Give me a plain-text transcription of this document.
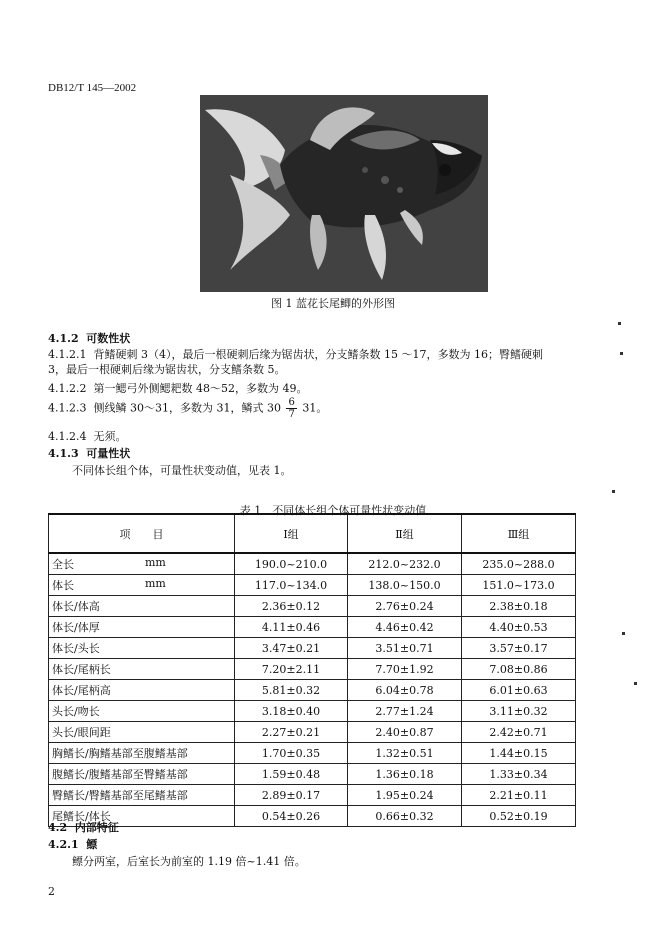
DB12/T 145—2002
图 1 蓝花长尾鲫的外形图
4.1.2 可数性状
4.1.2.1 背鳍硬刺 3（4），最后一根硬刺后缘为锯齿状，分支鳍条数 15 ～17，多数为 16；臀鳍硬刺
3，最后一根硬刺后缘为锯齿状，分支鳍条数 5。
4.1.2.2 第一鳃弓外侧鳃耙数 48～52，多数为 49。
4.1.2.3 侧线鳞 30～31，多数为 31，鳞式 $30 \frac{6}{7} 31$。
4.1.2.4 无须。
4.1.3 可量性状
不同体长组个体，可量性状变动值，见表 1。
表 1　不同体长组个体可量性状变动值
项　　目	Ⅰ组	Ⅱ组	Ⅲ组
全长 mm	190.0~210.0	212.0~232.0	235.0~288.0
体长 mm	117.0~134.0	138.0~150.0	151.0~173.0
体长/体高	2.36±0.12	2.76±0.24	2.38±0.18
体长/体厚	4.11±0.46	4.46±0.42	4.40±0.53
体长/头长	3.47±0.21	3.51±0.71	3.57±0.17
体长/尾柄长	7.20±2.11	7.70±1.92	7.08±0.86
体长/尾柄高	5.81±0.32	6.04±0.78	6.01±0.63
头长/吻长	3.18±0.40	2.77±1.24	3.11±0.32
头长/眼间距	2.27±0.21	2.40±0.87	2.42±0.71
胸鳍长/胸鳍基部至腹鳍基部	1.70±0.35	1.32±0.51	1.44±0.15
腹鳍长/腹鳍基部至臀鳍基部	1.59±0.48	1.36±0.18	1.33±0.34
臀鳍长/臀鳍基部至尾鳍基部	2.89±0.17	1.95±0.24	2.21±0.11
尾鳍长/体长	0.54±0.26	0.66±0.32	0.52±0.19
4.2 内部特征
4.2.1 鳔
鳔分两室，后室长为前室的 1.19 倍~1.41 倍。
2
